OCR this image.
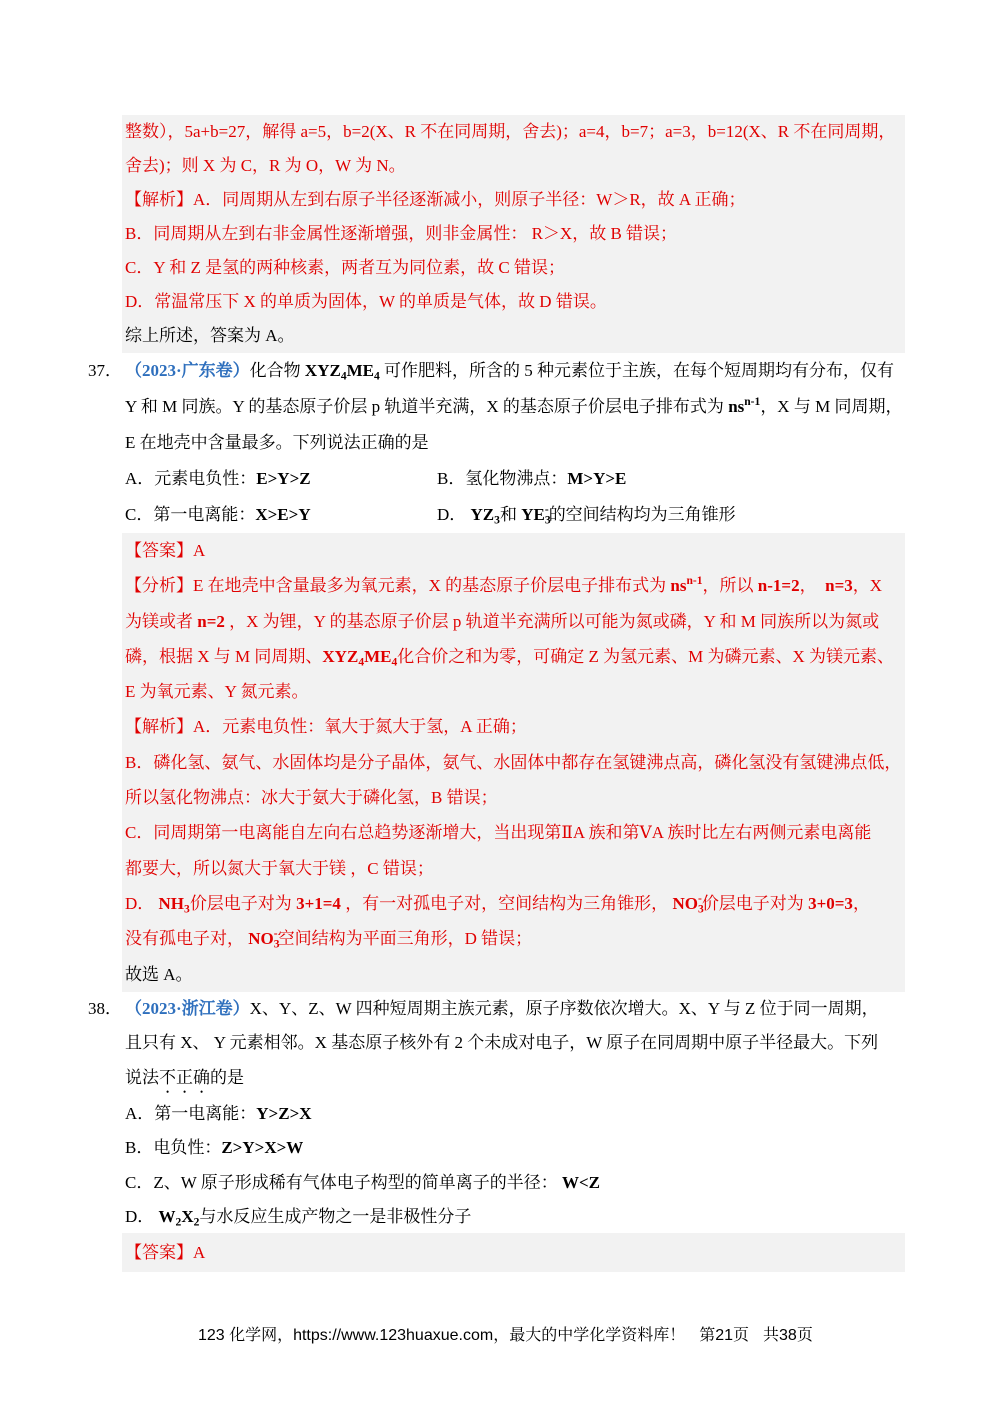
整数），5a+b=27，解得 a=5，b=2(X、R 不在同周期，舍去)；a=4，b=7；a=3，b=12(X、R 不在同周期，
舍去)；则 X 为 C，R 为 O，W 为 N。
【解析】A．同周期从左到右原子半径逐渐减小，则原子半径：W＞R，故 A 正确；
B．同周期从左到右非金属性逐渐增强，则非金属性： R＞X，故 B 错误；
C．Y 和 Z 是氢的两种核素，两者互为同位素，故 C 错误；
D．常温常压下 X 的单质为固体，W 的单质是气体，故 D 错误。
综上所述，答案为 A。
37． （2023·广东卷）化合物 $XYZ_4ME_4$ 可作肥料，所含的 5 种元素位于主族，在每个短周期均有分布，仅有
Y 和 M 同族。Y 的基态原子价层 p 轨道半充满，X 的基态原子价层电子排布式为 $ns^{n-1}$，X 与 M 同周期，
E 在地壳中含量最多。下列说法正确的是
A．元素电负性：E>Y>Z	B．氢化物沸点：M>Y>E
C．第一电离能：X>E>Y	D． $YZ_3$和 $YE_3^-$的空间结构均为三角锥形
【答案】A
【分析】E 在地壳中含量最多为氧元素，X 的基态原子价层电子排布式为 $ns^{n-1}$，所以 n-1=2，  n=3，X
为镁或者 n=2 ，X 为锂，Y 的基态原子价层 p 轨道半充满所以可能为氮或磷，Y 和 M 同族所以为氮或
磷，根据 X 与 M 同周期、$XYZ_4ME_4$化合价之和为零，可确定 Z 为氢元素、M 为磷元素、X 为镁元素、
E 为氧元素、Y 氮元素。
【解析】A．元素电负性：氧大于氮大于氢，A 正确；
B．磷化氢、氨气、水固体均是分子晶体，氨气、水固体中都存在氢键沸点高，磷化氢没有氢键沸点低，
所以氢化物沸点：冰大于氨大于磷化氢，B 错误；
C．同周期第一电离能自左向右总趋势逐渐增大，当出现第ⅡA 族和第ⅤA 族时比左右两侧元素电离能
都要大，所以氮大于氧大于镁 ，C 错误；
D． $NH_3$价层电子对为 3+1=4 ，有一对孤电子对，空间结构为三角锥形， $NO_3^-$价层电子对为 3+0=3，
没有孤电子对， $NO_3^-$空间结构为平面三角形，D 错误；
故选 A。
38． （2023·浙江卷）X、Y、Z、W 四种短周期主族元素，原子序数依次增大。X、Y 与 Z 位于同一周期，
且只有 X、 Y 元素相邻。X 基态原子核外有 2 个未成对电子，W 原子在同周期中原子半径最大。下列
说法不正确的是
A．第一电离能：Y>Z>X
B．电负性：Z>Y>X>W
C．Z、W 原子形成稀有气体电子构型的简单离子的半径： W<Z
D． $W_2X_2$与水反应生成产物之一是非极性分子
【答案】A

123 化学网，https://www.123huaxue.com，最大的中学化学资料库！ 第21页 共38页
